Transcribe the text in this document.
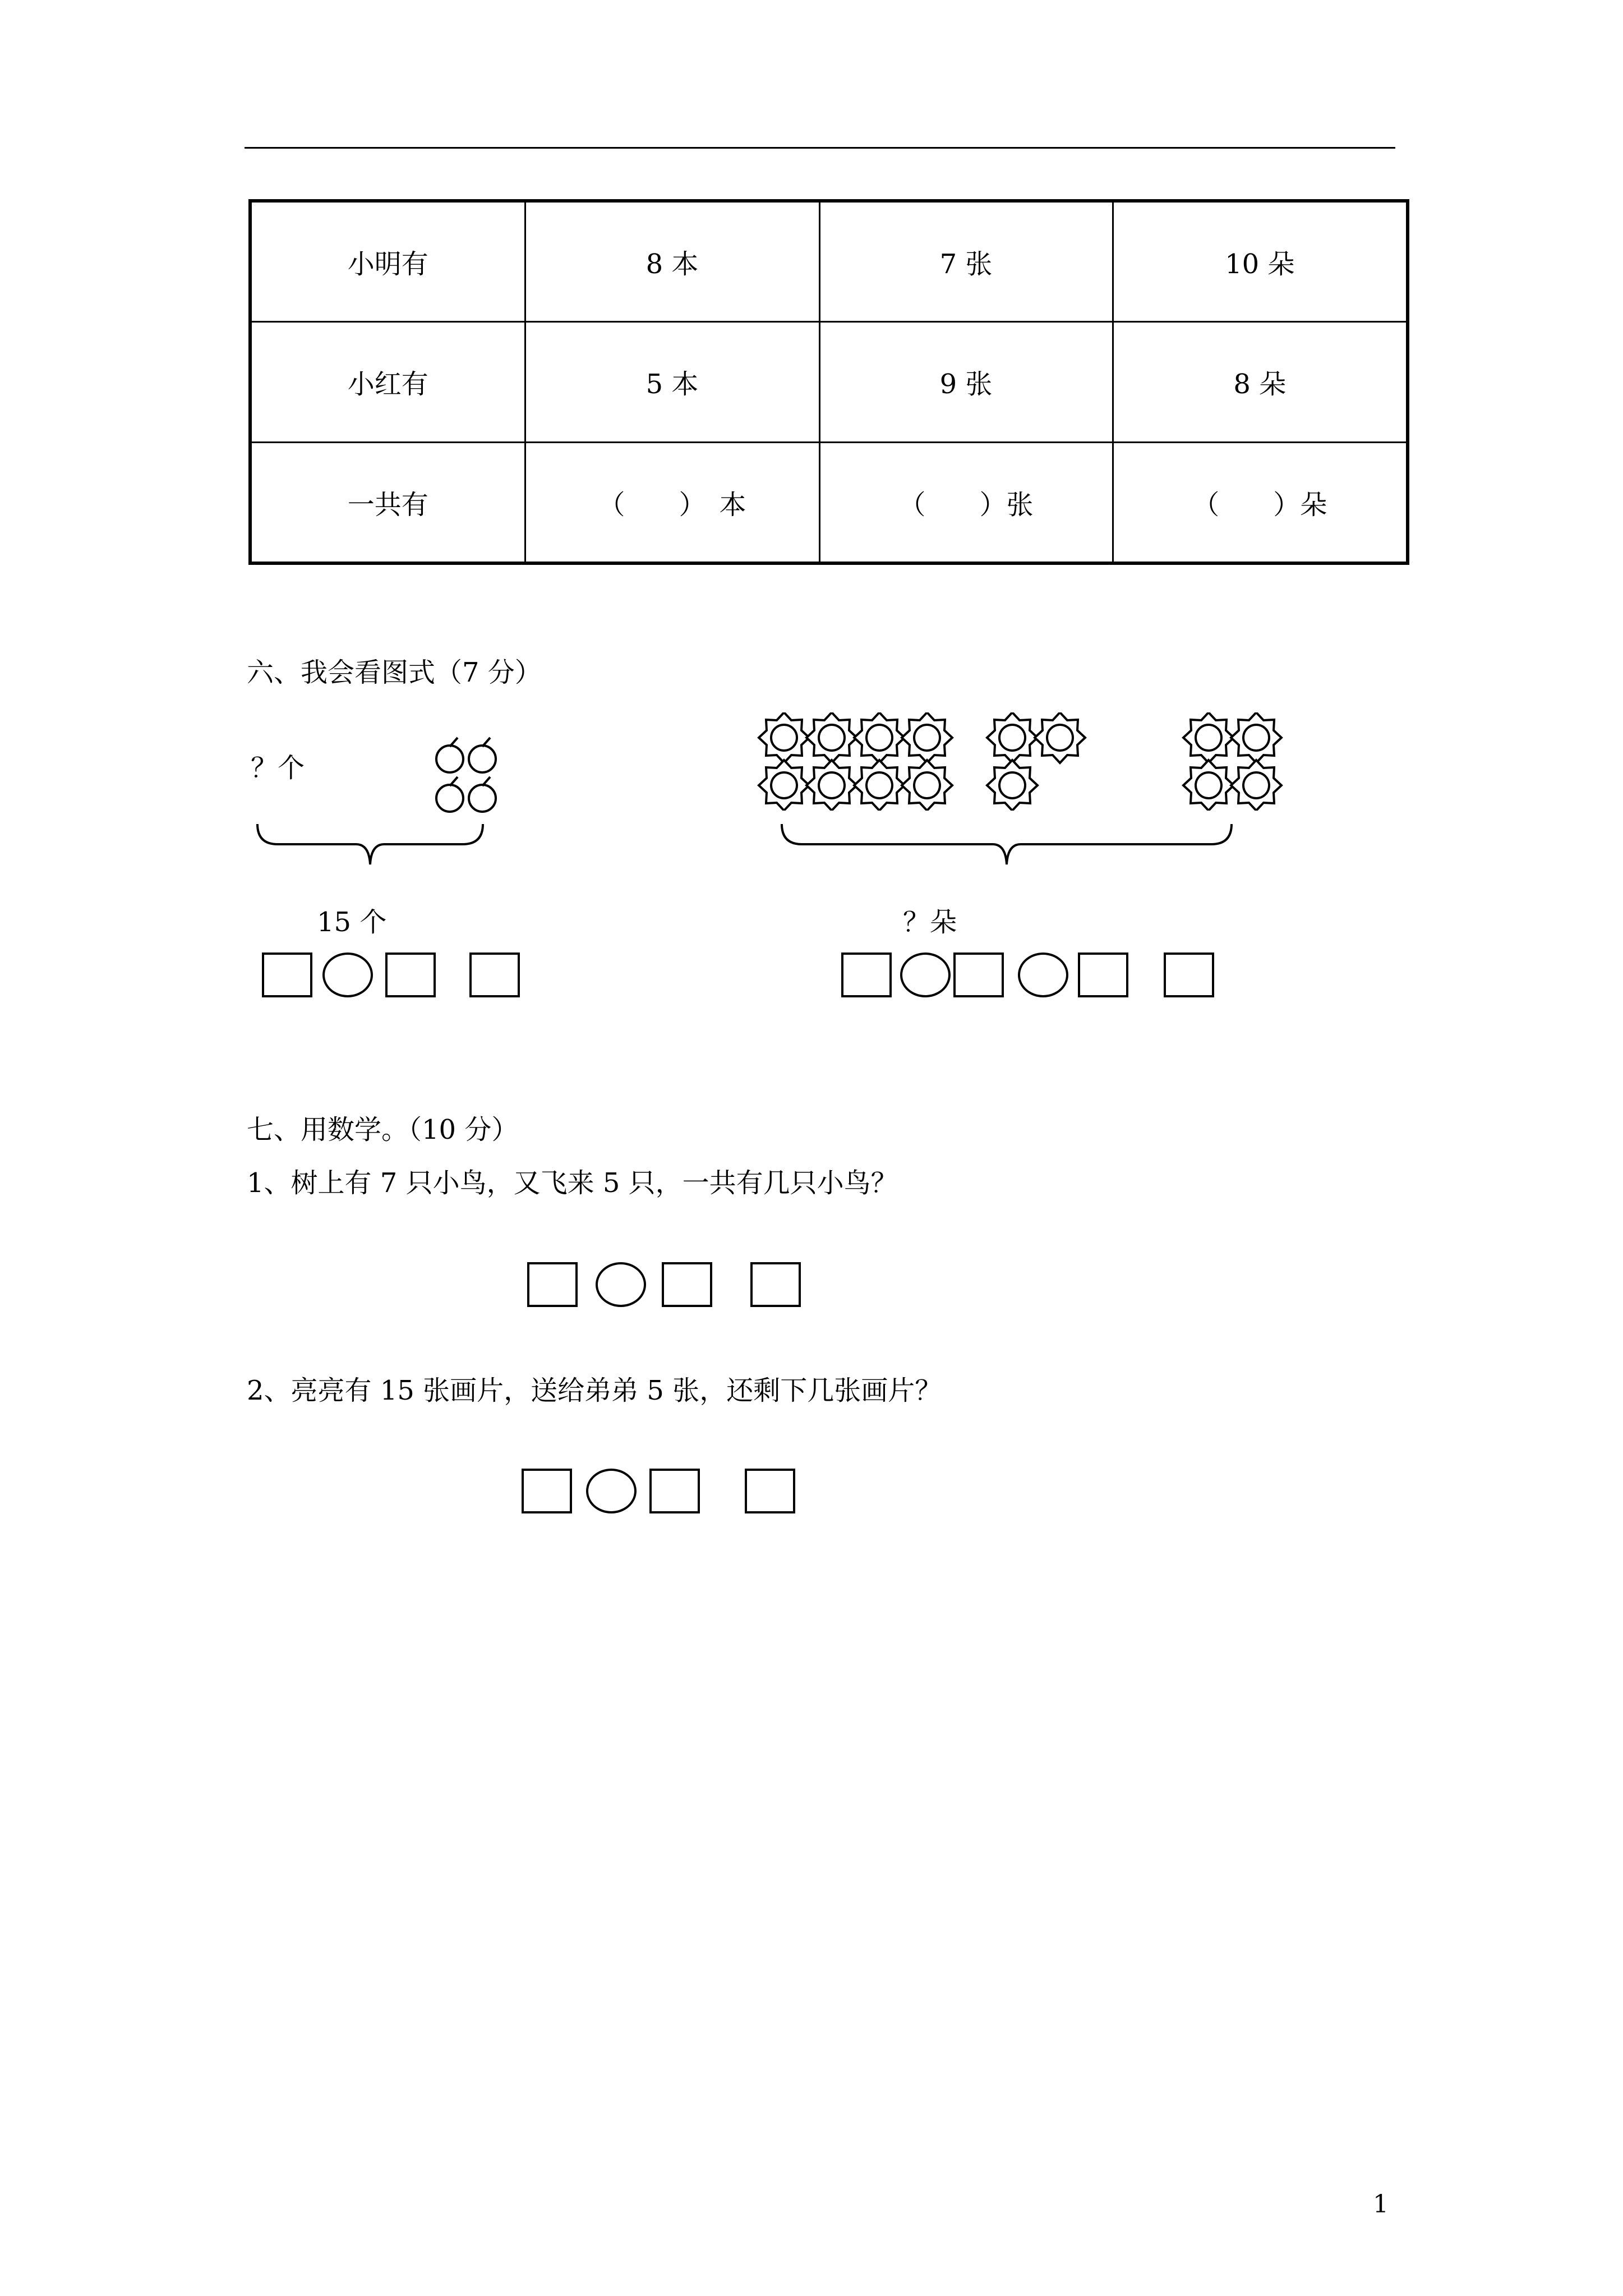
小明有	8 本	7 张	10 朵
小红有	5 本	9 张	8 朵
一共有	（　　）　本	（　　）张	（　　）朵
六、我会看图式（7 分）
？个
15 个	？朵
七、用数学。（10 分）
1、树上有 7 只小鸟，又飞来 5 只，一共有几只小鸟？
2、亮亮有 15 张画片，送给弟弟 5 张，还剩下几张画片？
1
